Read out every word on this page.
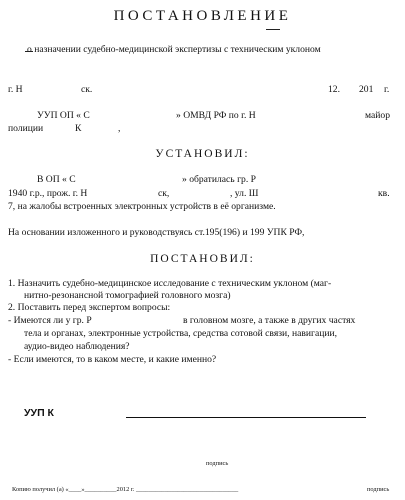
ПОСТАНОВЛЕНИЕ
о назначении судебно-медицинской экспертизы с техническим уклоном
г. Н	ск.	12. 201 г.
УУП ОП « С	» ОМВД РФ по г. Н	майор
полиции	К	,
УСТАНОВИЛ:
В ОП « С	» обратилась гр. Р
1940 г.р., прож. г. Н	ск,	, ул. Ш	кв.
7, на жалобы встроенных электронных устройств в её организме.
На основании изложенного и руководствуясь ст.195(196) и 199 УПК РФ,
ПОСТАНОВИЛ:
1. Назначить судебно-медицинское исследование с техническим уклоном (маг-
нитно-резонансной томографией головного мозга)
2. Поставить перед экспертом вопросы:
- Имеются ли у гр. Р	в головном мозге, а также в других частях
тела и органах, электронные устройства, средства сотовой связи, навигации,
аудио-видео наблюдения?
- Если имеются, то в каком месте, и какие именно?
УУП К
подпись
Копию получил (а) «____»__________2012 г. ________________________________	подпись
